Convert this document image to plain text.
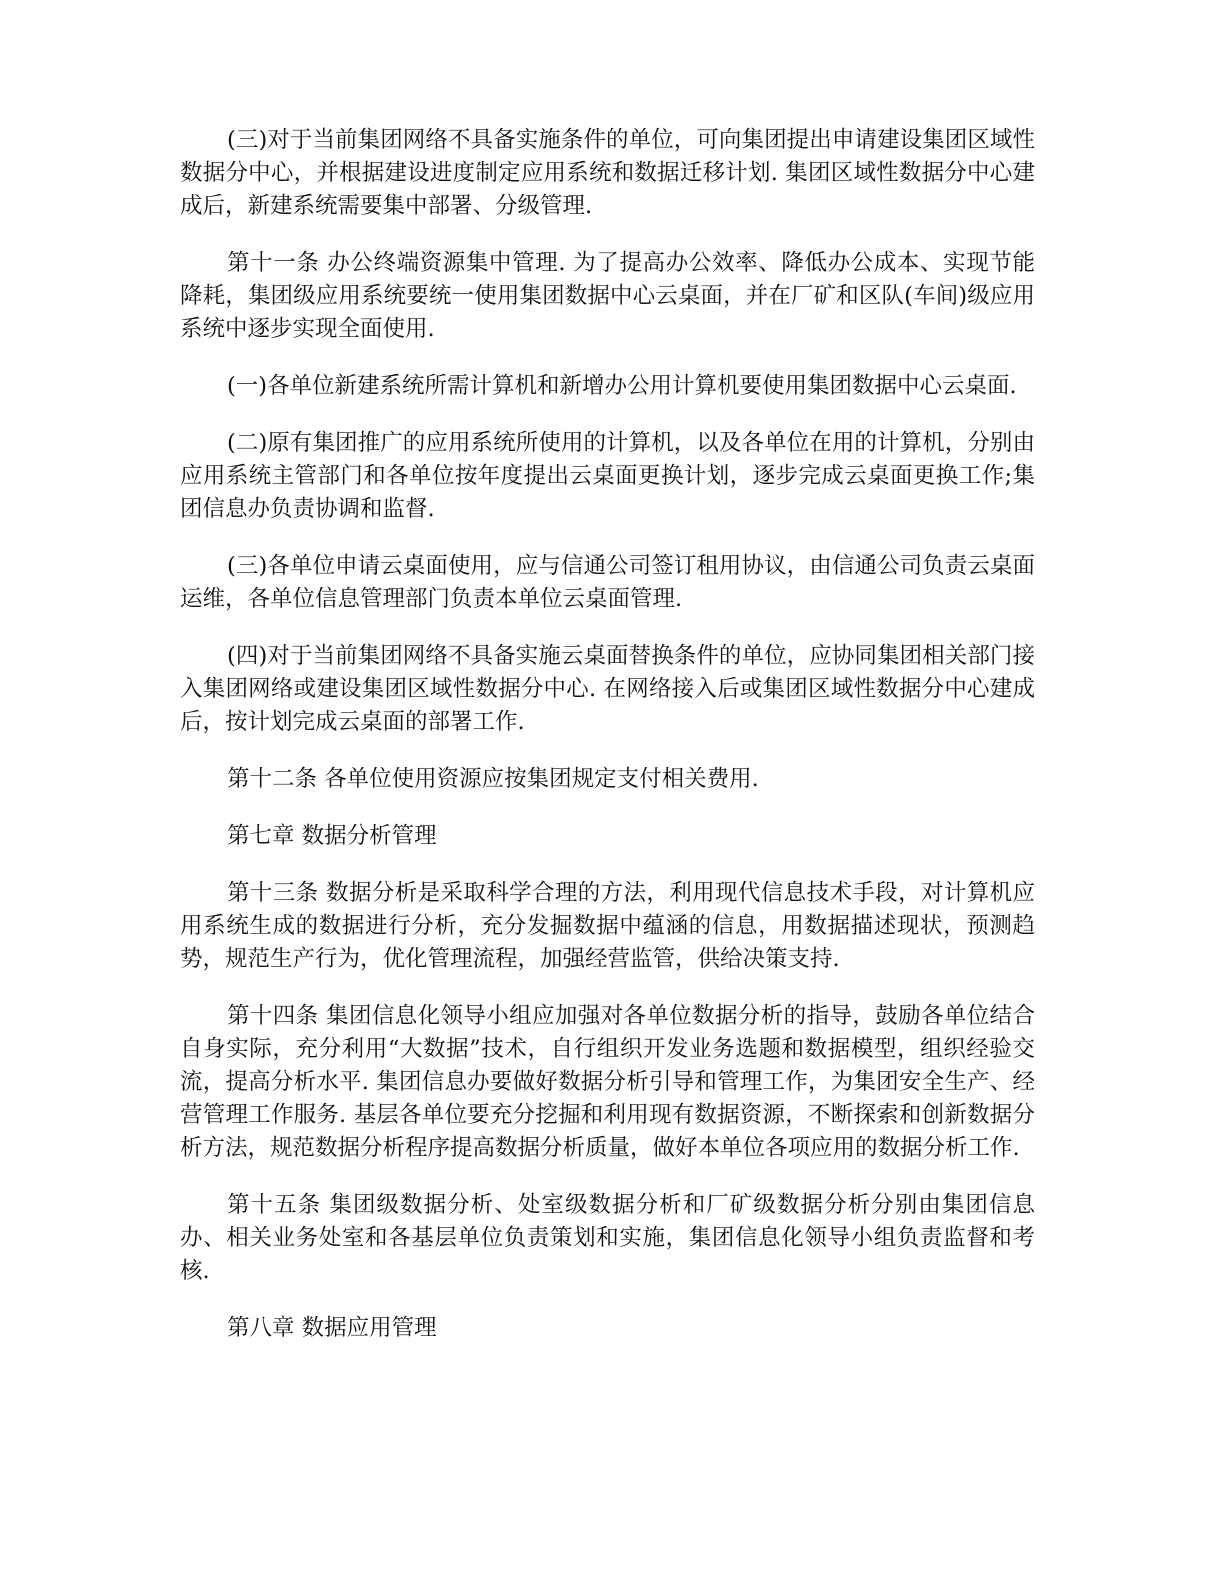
(三)对于当前集团网络不具备实施条件的单位，可向集团提出申请建设集团区域性数据分中心，并根据建设进度制定应用系统和数据迁移计划. 集团区域性数据分中心建成后，新建系统需要集中部署、分级管理.

第十一条 办公终端资源集中管理. 为了提高办公效率、降低办公成本、实现节能降耗，集团级应用系统要统一使用集团数据中心云桌面，并在厂矿和区队(车间)级应用系统中逐步实现全面使用.

(一)各单位新建系统所需计算机和新增办公用计算机要使用集团数据中心云桌面.

(二)原有集团推广的应用系统所使用的计算机，以及各单位在用的计算机，分别由应用系统主管部门和各单位按年度提出云桌面更换计划，逐步完成云桌面更换工作;集团信息办负责协调和监督.

(三)各单位申请云桌面使用，应与信通公司签订租用协议，由信通公司负责云桌面运维，各单位信息管理部门负责本单位云桌面管理.

(四)对于当前集团网络不具备实施云桌面替换条件的单位，应协同集团相关部门接入集团网络或建设集团区域性数据分中心. 在网络接入后或集团区域性数据分中心建成后，按计划完成云桌面的部署工作.

第十二条 各单位使用资源应按集团规定支付相关费用.

第七章 数据分析管理

第十三条 数据分析是采取科学合理的方法，利用现代信息技术手段，对计算机应用系统生成的数据进行分析，充分发掘数据中蕴涵的信息，用数据描述现状，预测趋势，规范生产行为，优化管理流程，加强经营监管，供给决策支持.

第十四条 集团信息化领导小组应加强对各单位数据分析的指导，鼓励各单位结合自身实际，充分利用“大数据”技术，自行组织开发业务选题和数据模型，组织经验交流，提高分析水平. 集团信息办要做好数据分析引导和管理工作，为集团安全生产、经营管理工作服务. 基层各单位要充分挖掘和利用现有数据资源，不断探索和创新数据分析方法，规范数据分析程序提高数据分析质量，做好本单位各项应用的数据分析工作.

第十五条 集团级数据分析、处室级数据分析和厂矿级数据分析分别由集团信息办、相关业务处室和各基层单位负责策划和实施，集团信息化领导小组负责监督和考核.

第八章 数据应用管理
